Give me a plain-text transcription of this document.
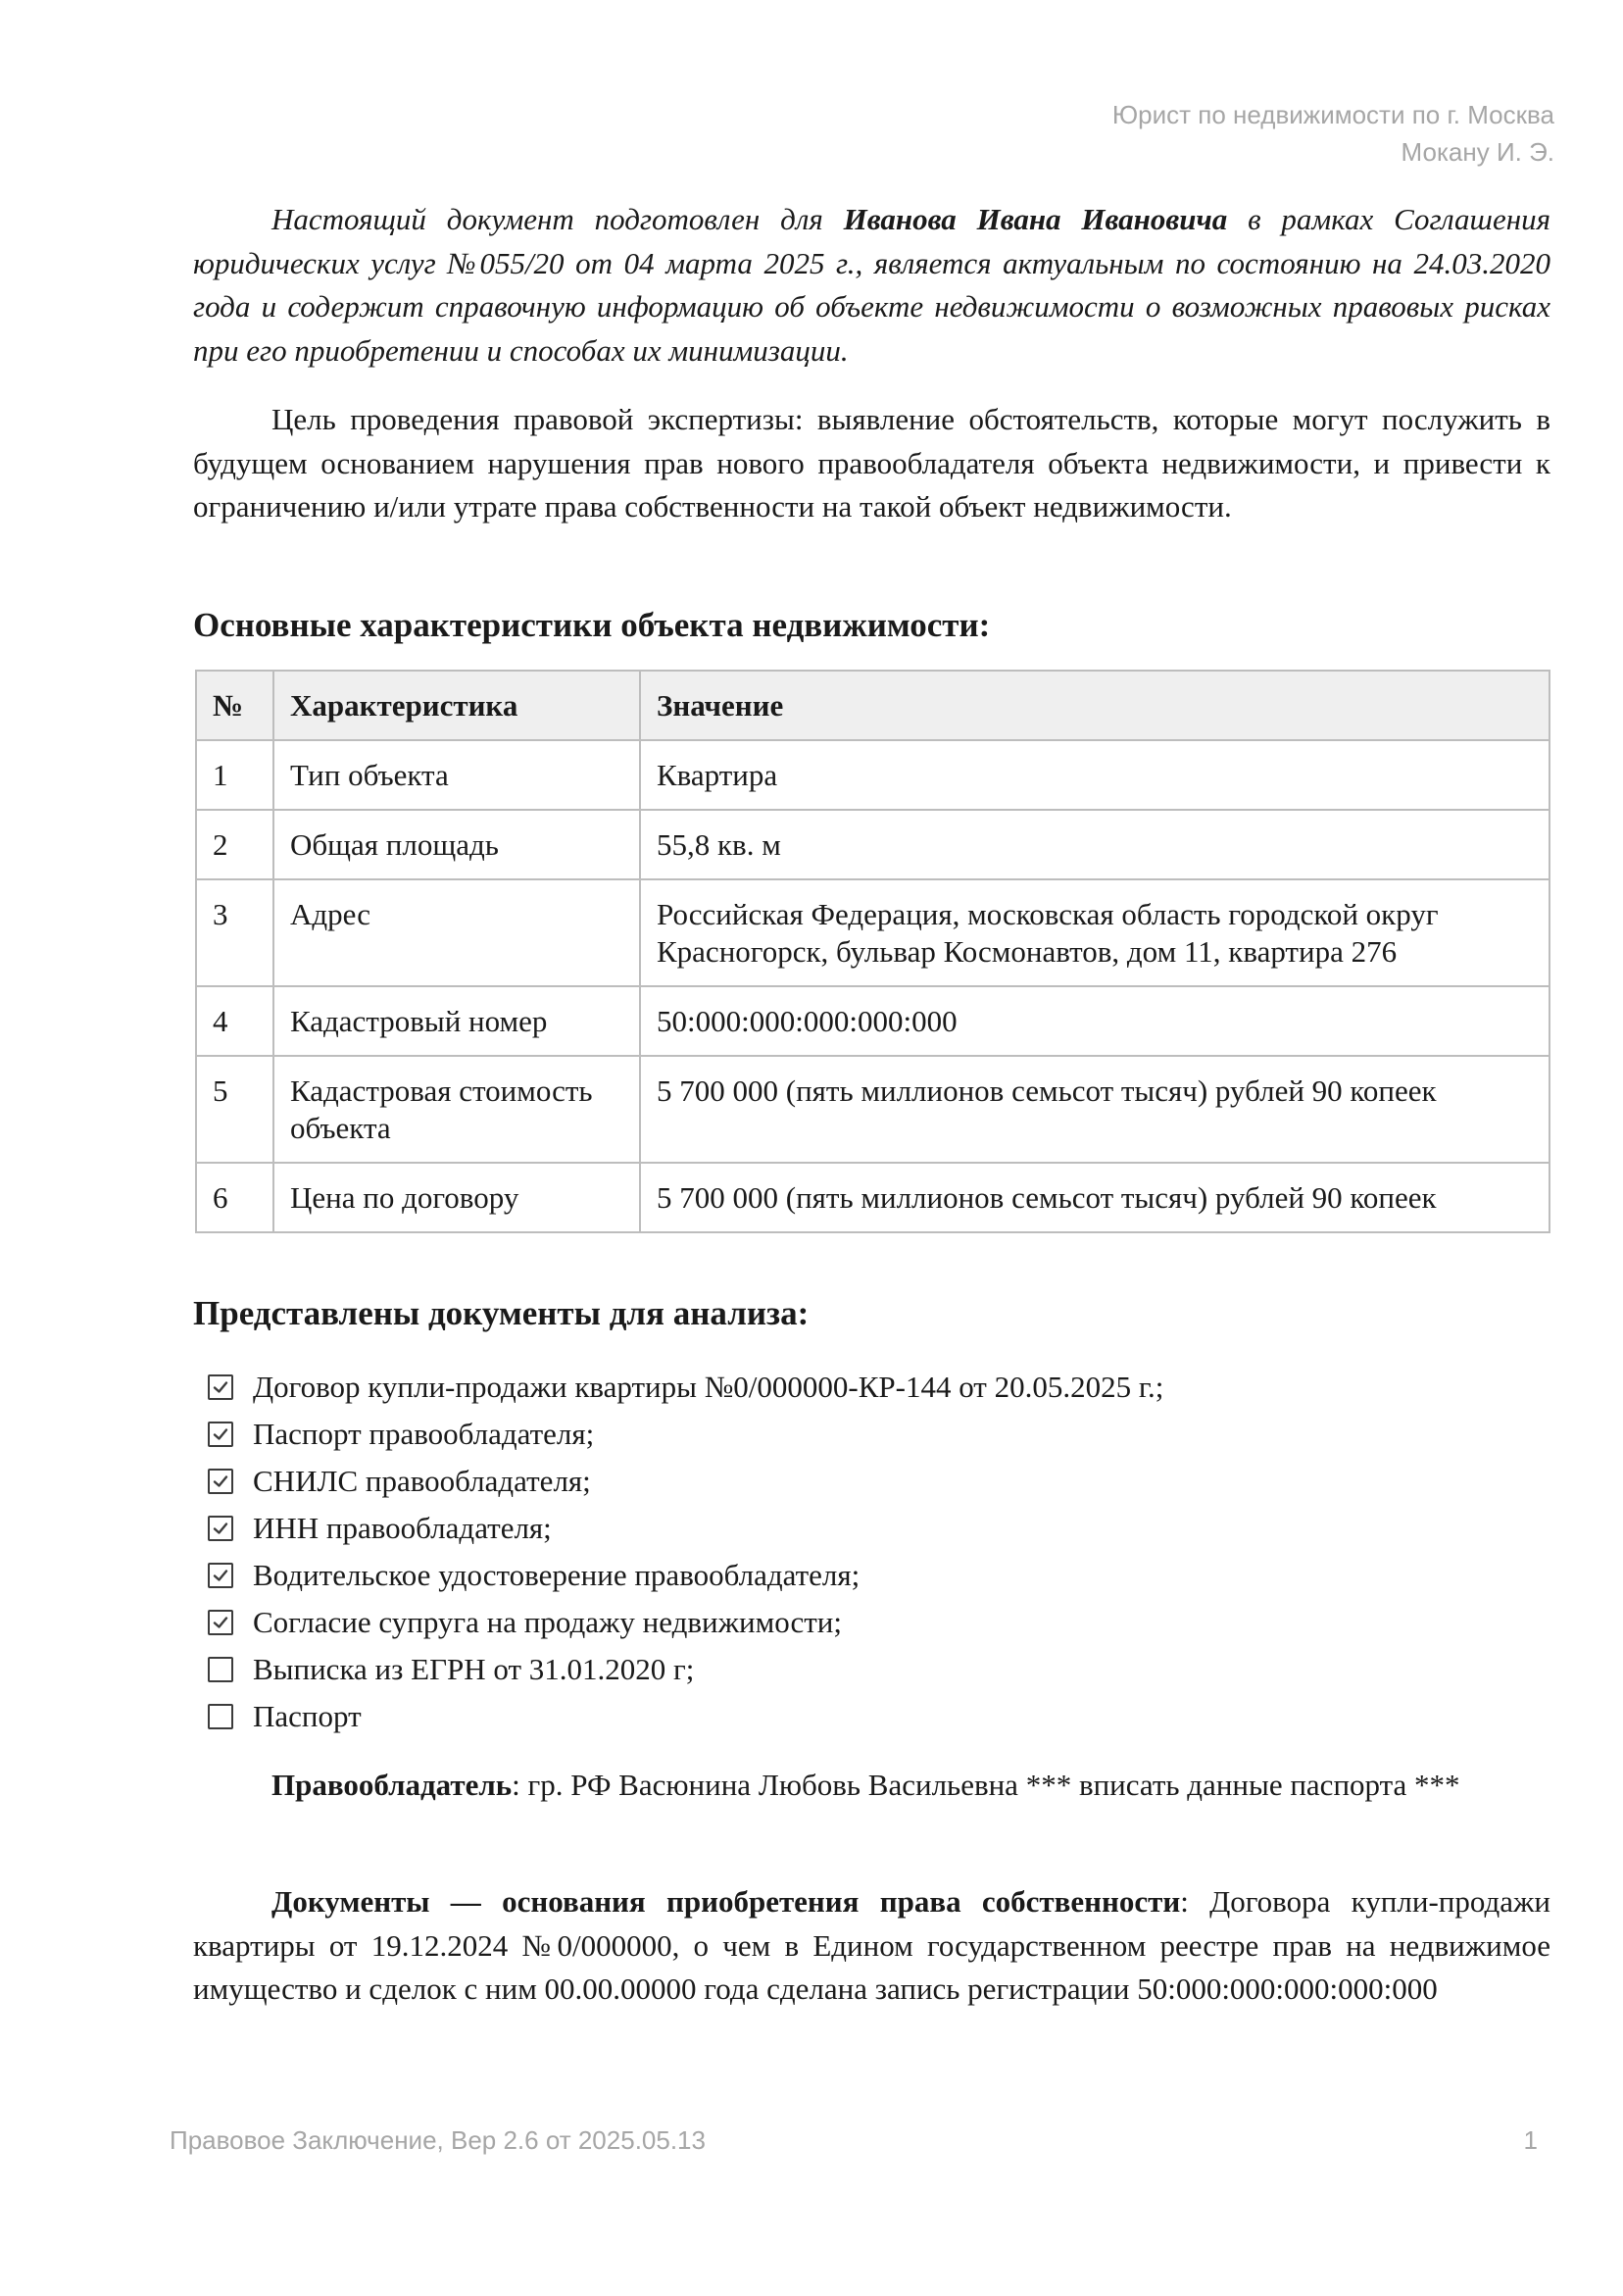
Юрист по недвижимости по г. Москва
Мокану И. Э.

Настоящий документ подготовлен для Иванова Ивана Ивановича в рамках Соглашения юридических услуг №055/20 от 04 марта 2025 г., является актуальным по состоянию на 24.03.2020 года и содержит справочную информацию об объекте недвижимости о возможных правовых рисках при его приобретении и способах их минимизации.

Цель проведения правовой экспертизы: выявление обстоятельств, которые могут послужить в будущем основанием нарушения прав нового правообладателя объекта недвижимости, и привести к ограничению и/или утрате права собственности на такой объект недвижимости.

Основные характеристики объекта недвижимости:
№	Характеристика	Значение
1	Тип объекта	Квартира
2	Общая площадь	55,8 кв. м
3	Адрес	Российская Федерация, московская область городской округ Красногорск, бульвар Космонавтов, дом 11, квартира 276
4	Кадастровый номер	50:000:000:000:000:000
5	Кадастровая стоимость объекта	5 700 000 (пять миллионов семьсот тысяч) рублей 90 копеек
6	Цена по договору	5 700 000 (пять миллионов семьсот тысяч) рублей 90 копеек
Представлены документы для анализа:
Договор купли-продажи квартиры №0/000000-КР-144 от 20.05.2025 г.;
Паспорт правообладателя;
СНИЛС правообладателя;
ИНН правообладателя;
Водительское удостоверение правообладателя;
Согласие супруга на продажу недвижимости;
Выписка из ЕГРН от 31.01.2020 г;
Паспорт

Правообладатель: гр. РФ Васюнина Любовь Васильевна *** вписать данные паспорта ***

Документы — основания приобретения права собственности: Договора купли-продажи квартиры от 19.12.2024 №0/000000, о чем в Едином государственном реестре прав на недвижимое имущество и сделок с ним 00.00.00000 года сделана запись регистрации 50:000:000:000:000:000

Правовое Заключение, Вер 2.6 от 2025.05.13	1
